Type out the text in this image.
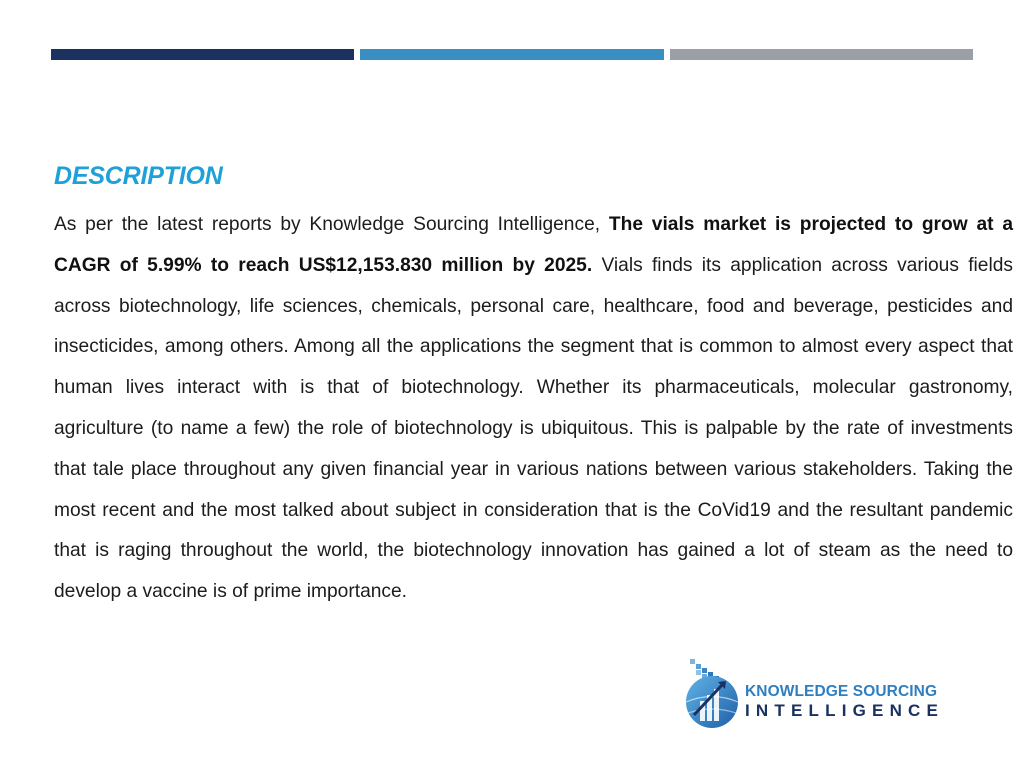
DESCRIPTION

As per the latest reports by Knowledge Sourcing Intelligence, The vials market is projected to grow at a CAGR of 5.99% to reach US$12,153.830 million by 2025. Vials finds its application across various fields across biotechnology, life sciences, chemicals, personal care, healthcare, food and beverage, pesticides and insecticides, among others. Among all the applications the segment that is common to almost every aspect that human lives interact with is that of biotechnology. Whether its pharmaceuticals, molecular gastronomy, agriculture (to name a few) the role of biotechnology is ubiquitous. This is palpable by the rate of investments that tale place throughout any given financial year in various nations between various stakeholders. Taking the most recent and the most talked about subject in consideration that is the CoVid19 and the resultant pandemic that is raging throughout the world, the biotechnology innovation has gained a lot of steam as the need to develop a vaccine is of prime importance.

KNOWLEDGE SOURCING
INTELLIGENCE
